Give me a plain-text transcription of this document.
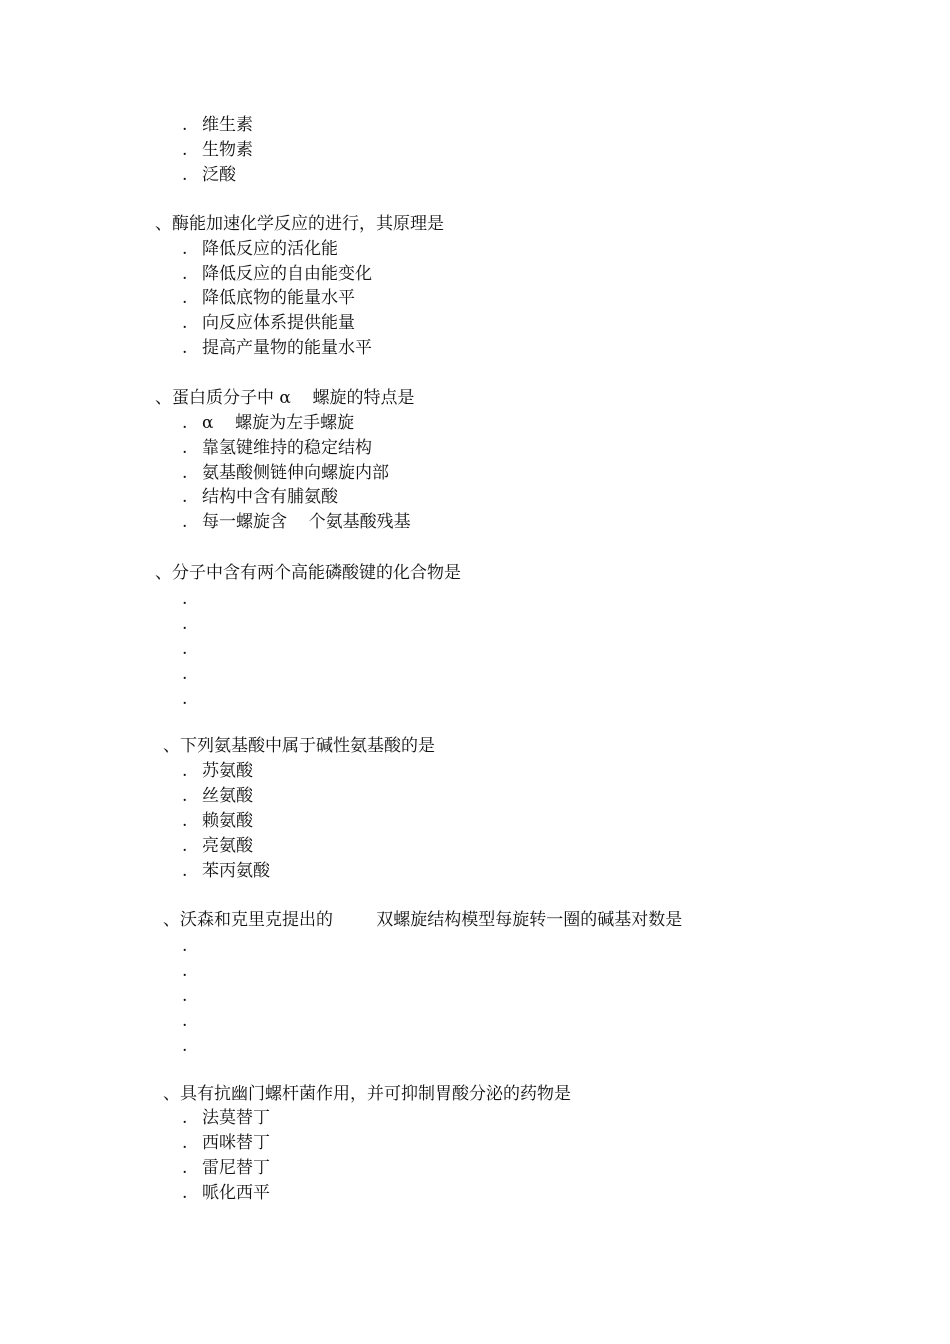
. 维生素
. 生物素
. 泛酸
、酶能加速化学反应的进行，其原理是
. 降低反应的活化能
. 降低反应的自由能变化
. 降低底物的能量水平
. 向反应体系提供能量
. 提高产量物的能量水平
、蛋白质分子中 α    螺旋的特点是
. α    螺旋为左手螺旋
. 靠氢键维持的稳定结构
. 氨基酸侧链伸向螺旋内部
. 结构中含有脯氨酸
. 每一螺旋含    个氨基酸残基
、分子中含有两个高能磷酸键的化合物是
.
.
.
.
.
、下列氨基酸中属于碱性氨基酸的是
. 苏氨酸
. 丝氨酸
. 赖氨酸
. 亮氨酸
. 苯丙氨酸
、沃森和克里克提出的        双螺旋结构模型每旋转一圈的碱基对数是
.
.
.
.
.
、具有抗幽门螺杆菌作用，并可抑制胃酸分泌的药物是
. 法莫替丁
. 西咪替丁
. 雷尼替丁
. 哌化西平
